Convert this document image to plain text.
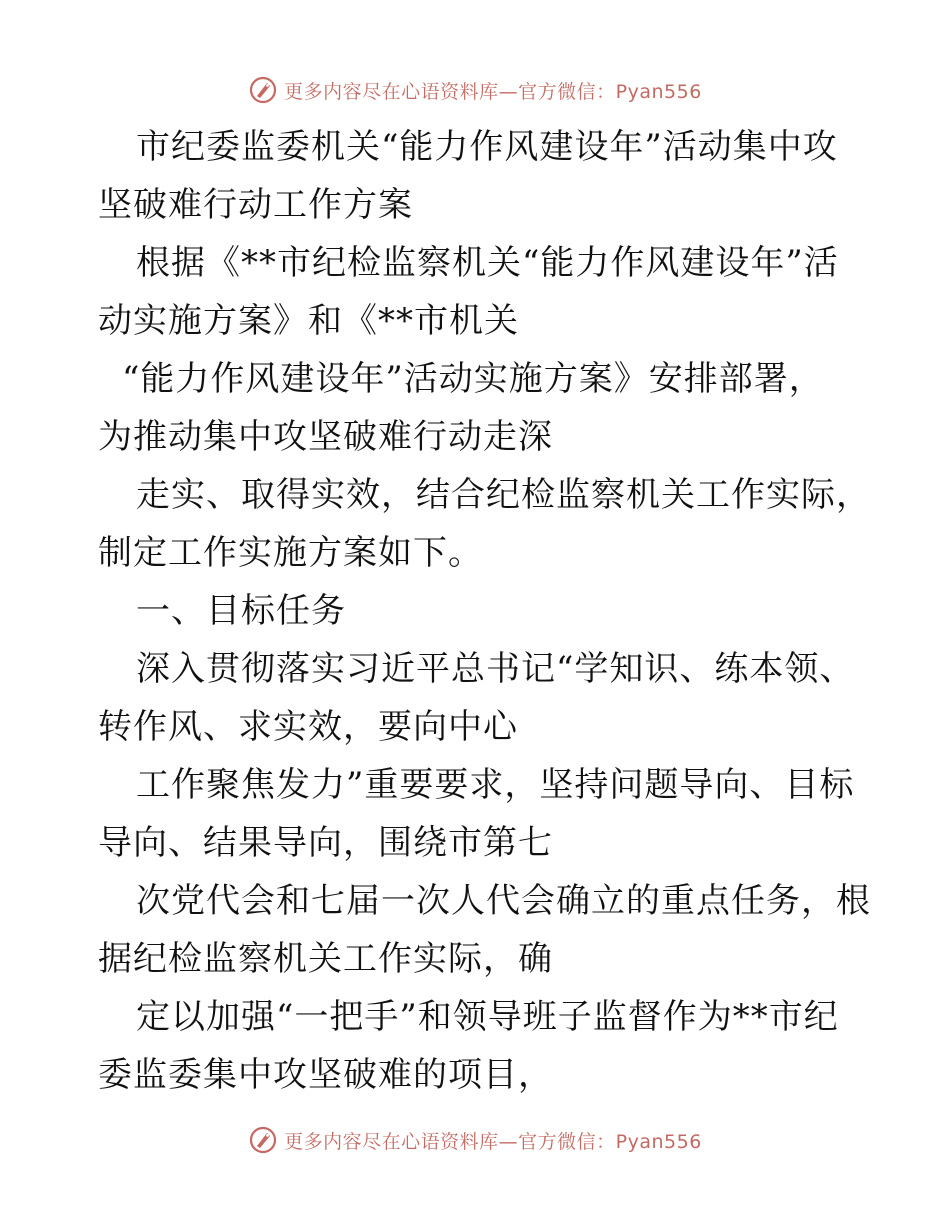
更多内容尽在心语资料库—官方微信：Pyan556
市纪委监委机关“能力作风建设年”活动集中攻
坚破难行动工作方案
根据《**市纪检监察机关“能力作风建设年”活
动实施方案》和《**市机关
“能力作风建设年”活动实施方案》安排部署，
为推动集中攻坚破难行动走深
走实、取得实效，结合纪检监察机关工作实际，
制定工作实施方案如下。
一、目标任务
深入贯彻落实习近平总书记“学知识、练本领、
转作风、求实效，要向中心
工作聚焦发力”重要要求，坚持问题导向、目标
导向、结果导向，围绕市第七
次党代会和七届一次人代会确立的重点任务，根
据纪检监察机关工作实际，确
定以加强“一把手”和领导班子监督作为**市纪
委监委集中攻坚破难的项目，
更多内容尽在心语资料库—官方微信：Pyan556
